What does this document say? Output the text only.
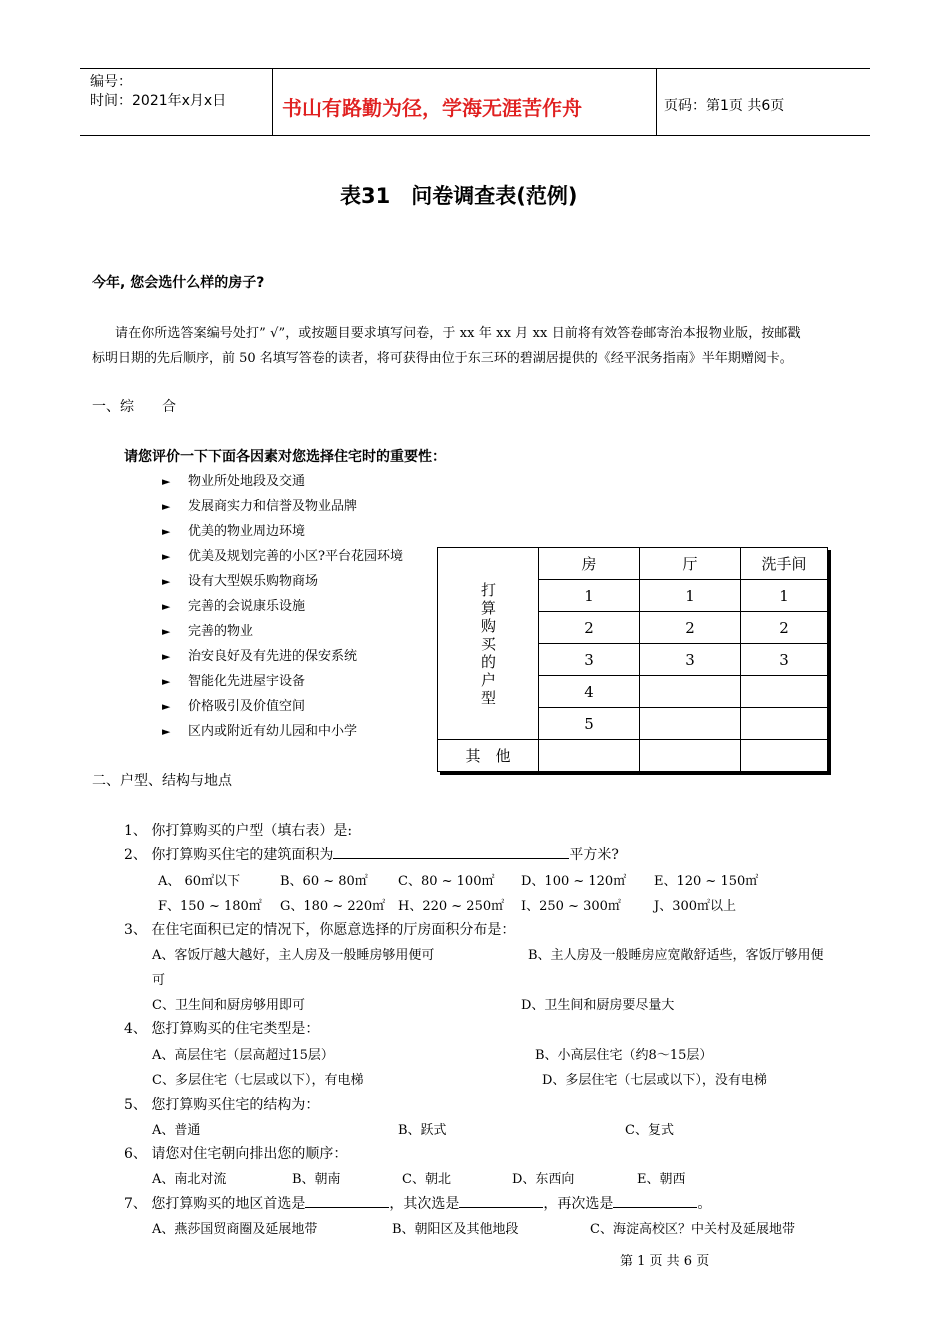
编号：
时间：2021年x月x日	书山有路勤为径，学海无涯苦作舟	页码：第1页 共6页
表31　问卷调查表(范例)
今年, 您会选什么样的房子?
请在你所选答案编号处打” √”，或按题目要求填写问卷，于 xx 年 xx 月 xx 日前将有效答卷邮寄治本报物业版，按邮戳
标明日期的先后顺序，前 50 名填写答卷的读者，将可获得由位于东三环的碧湖居提供的《经平泯务指南》半年期赠阅卡。
一、综　　合
请您评价一下下面各因素对您选择住宅时的重要性：
► 物业所处地段及交通
► 发展商实力和信誉及物业品牌
► 优美的物业周边环境
► 优美及规划完善的小区?平台花园环境
► 设有大型娱乐购物商场
► 完善的会说康乐设施
► 完善的物业
► 治安良好及有先进的保安系统
► 智能化先进屋宇设备
► 价格吸引及价值空间
► 区内或附近有幼儿园和中小学
打算购买的户型	房	厅	洗手间
	1	1	1
	2	2	2
	3	3	3
	4		
	5		
其　他			
二、户型、结构与地点
1、 你打算购买的户型（填右表）是:
2、 你打算购买住宅的建筑面积为	平方米?
A、 60㎡以下	B、60 ~ 80㎡ C、80 ~ 100㎡ D、100 ~ 120㎡ E、120 ~ 150㎡
F、150 ~ 180㎡ G、180 ~ 220㎡ H、220 ~ 250㎡ I、250 ~ 300㎡	J、300㎡以上
3、 在住宅面积已定的情况下，你愿意选择的厅房面积分布是：
A、客饭厅越大越好，主人房及一般睡房够用便可	B、主人房及一般睡房应宽敞舒适些，客饭厅够用便
可
C、卫生间和厨房够用即可	D、卫生间和厨房要尽量大
4、 您打算购买的住宅类型是：
A、高层住宅（层高超过15层）	B、小高层住宅（约8～15层）
C、多层住宅（七层或以下），有电梯	D、多层住宅（七层或以下），没有电梯
5、 您打算购买住宅的结构为：
A、普通	B、跃式	C、复式
6、 请您对住宅朝向排出您的顺序：
A、南北对流	B、朝南	C、朝北	D、东西向	E、朝西
7、 您打算购买的地区首选是	，其次选是	，再次选是	。
A、燕莎国贸商圈及延展地带	B、朝阳区及其他地段	C、海淀高校区？中关村及延展地带
第 1 页 共 6 页
